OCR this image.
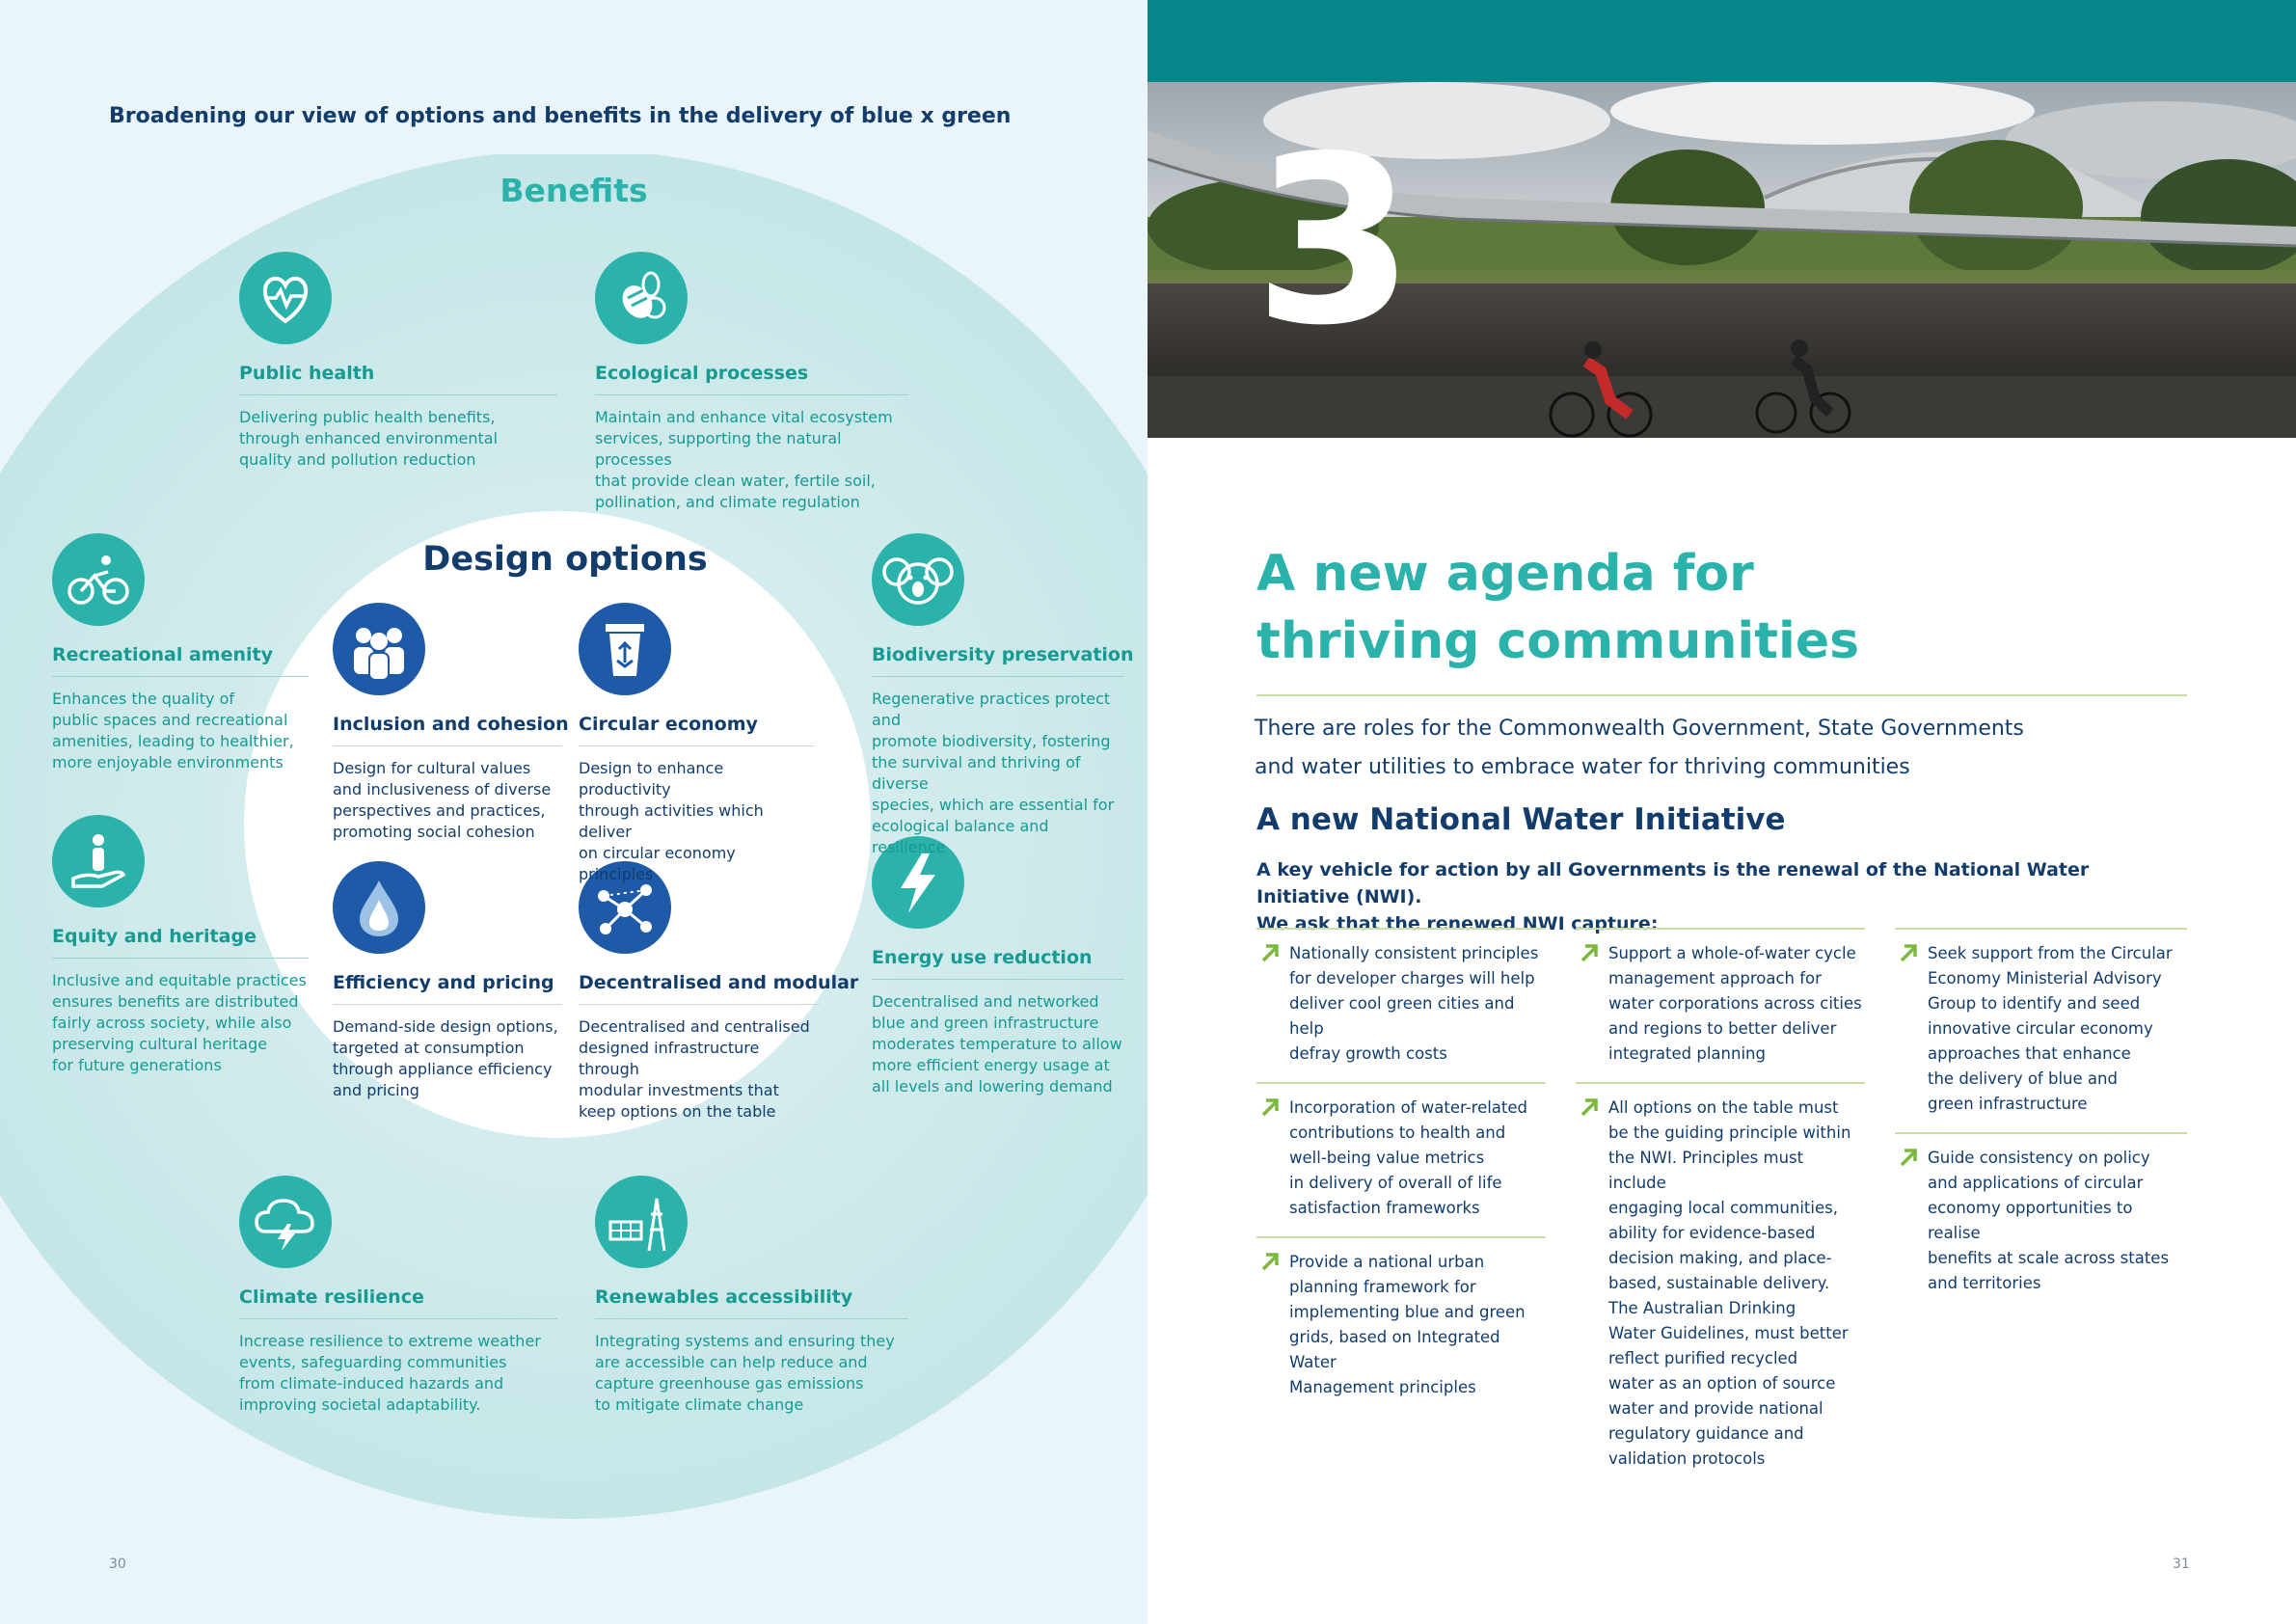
Broadening our view of options and benefits in the delivery of blue x green
Benefits
Design options
Public health
Delivering public health benefits,
through enhanced environmental
quality and pollution reduction
Ecological processes
Maintain and enhance vital ecosystem
services, supporting the natural processes
that provide clean water, fertile soil,
pollination, and climate regulation
Recreational amenity
Enhances the quality of
public spaces and recreational
amenities, leading to healthier,
more enjoyable environments
Biodiversity preservation
Regenerative practices protect and
promote biodiversity, fostering
the survival and thriving of diverse
species, which are essential for
ecological balance and resilience
Equity and heritage
Inclusive and equitable practices
ensures benefits are distributed
fairly across society, while also
preserving cultural heritage
for future generations
Energy use reduction
Decentralised and networked
blue and green infrastructure
moderates temperature to allow
more efficient energy usage at
all levels and lowering demand
Climate resilience
Increase resilience to extreme weather
events, safeguarding communities
from climate-induced hazards and
improving societal adaptability.
Renewables accessibility
Integrating systems and ensuring they
are accessible can help reduce and
capture greenhouse gas emissions
to mitigate climate change
Inclusion and cohesion
Design for cultural values
and inclusiveness of diverse
perspectives and practices,
promoting social cohesion
Circular economy
Design to enhance productivity
through activities which deliver
on circular economy principles
Efficiency and pricing
Demand-side design options,
targeted at consumption
through appliance efficiency
and pricing
Decentralised and modular
Decentralised and centralised
designed infrastructure through
modular investments that
keep options on the table
30
3
A new agenda for
thriving communities
There are roles for the Commonwealth Government, State Governments
and water utilities to embrace water for thriving communities
A new National Water Initiative
A key vehicle for action by all Governments is the renewal of the National Water Initiative (NWI).
We ask that the renewed NWI capture:
Nationally consistent principles
for developer charges will help
deliver cool green cities and help
defray growth costs
Incorporation of water-related
contributions to health and
well-being value metrics
in delivery of overall of life
satisfaction frameworks
Provide a national urban
planning framework for
implementing blue and green
grids, based on Integrated Water
Management principles
Support a whole-of-water cycle
management approach for
water corporations across cities
and regions to better deliver
integrated planning
All options on the table must
be the guiding principle within
the NWI. Principles must include
engaging local communities,
ability for evidence-based
decision making, and place-
based, sustainable delivery.
The Australian Drinking
Water Guidelines, must better
reflect purified recycled
water as an option of source
water and provide national
regulatory guidance and
validation protocols
Seek support from the Circular
Economy Ministerial Advisory
Group to identify and seed
innovative circular economy
approaches that enhance
the delivery of blue and
green infrastructure
Guide consistency on policy
and applications of circular
economy opportunities to realise
benefits at scale across states
and territories
31
